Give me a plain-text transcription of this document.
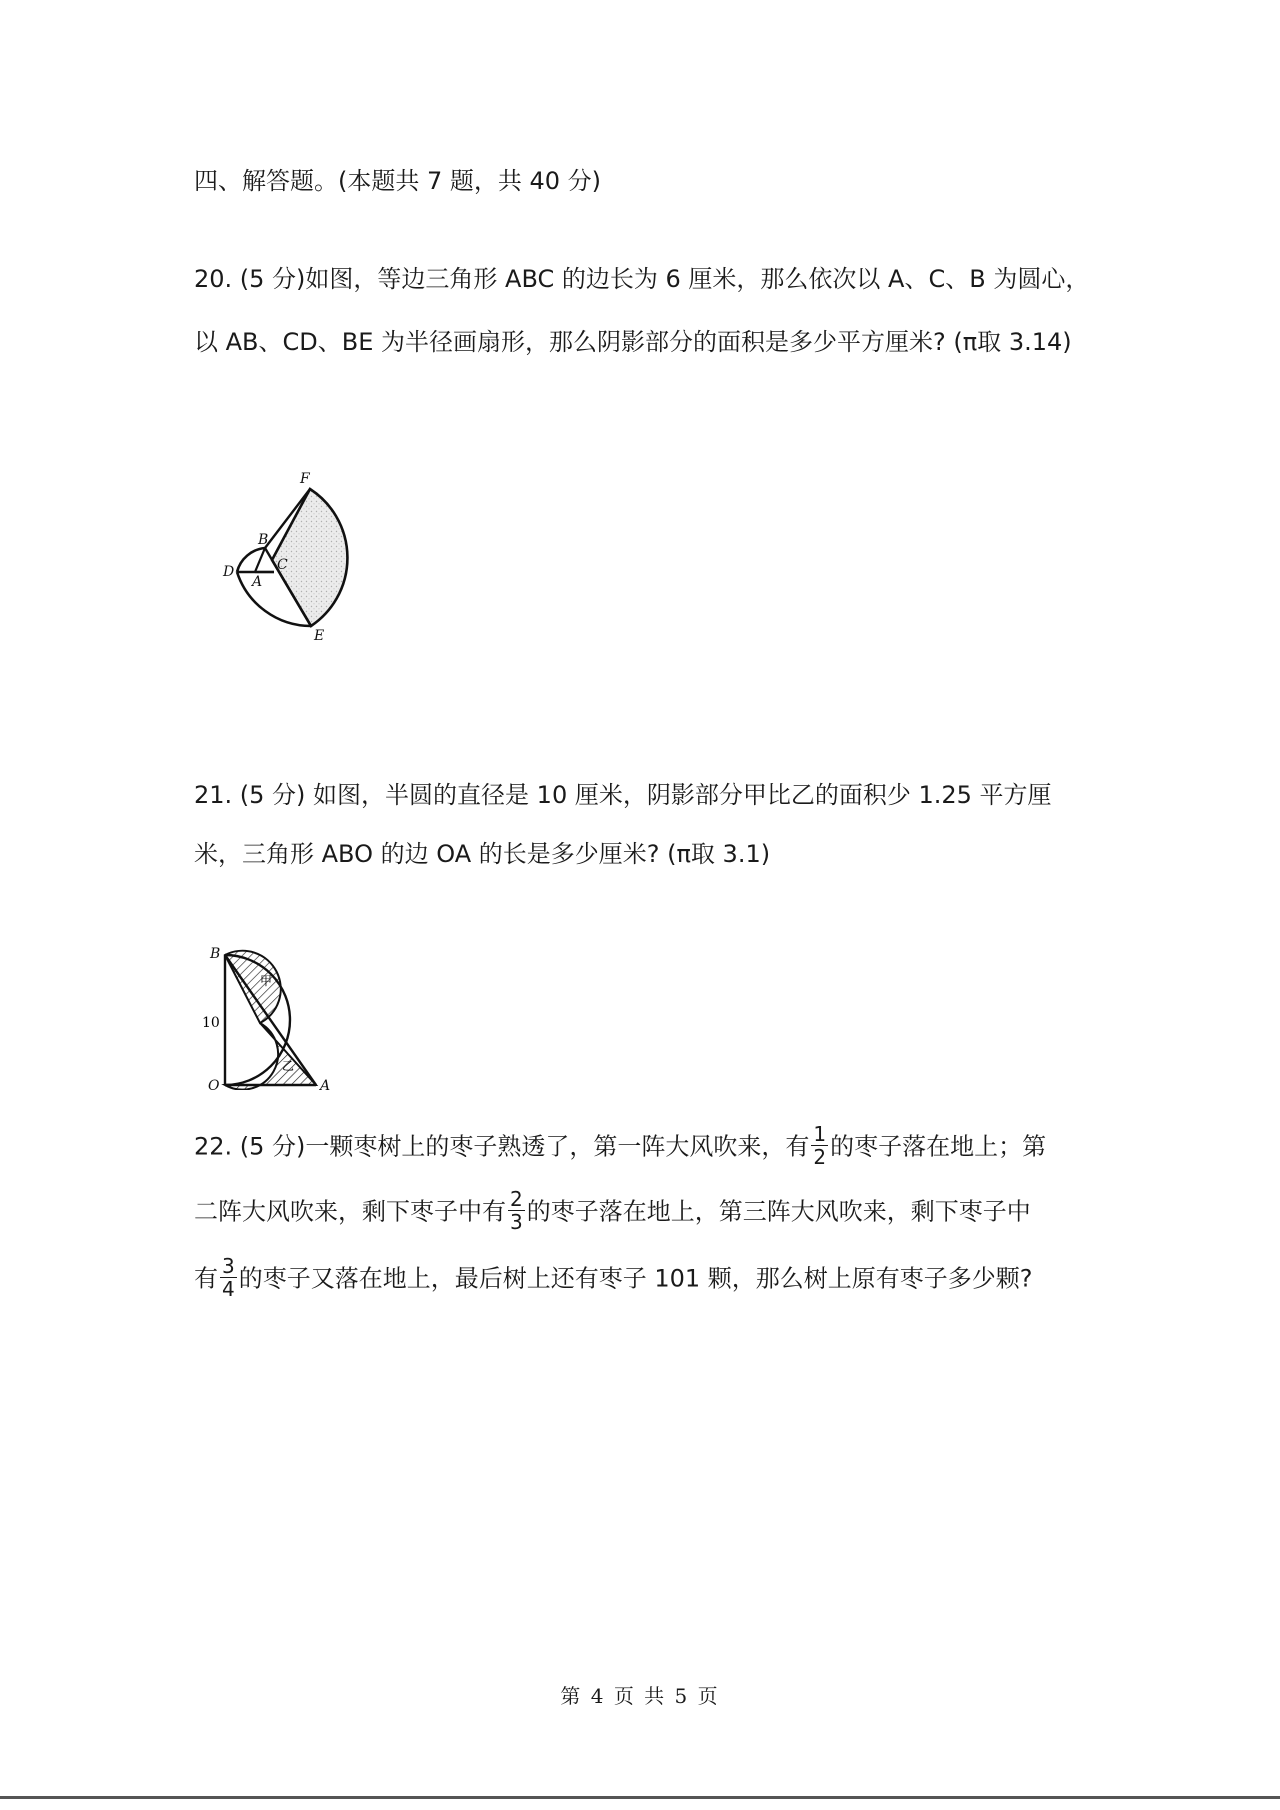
四、解答题。(本题共 7 题，共 40 分)
20. (5 分)如图，等边三角形 ABC 的边长为 6 厘米，那么依次以 A、C、B 为圆心，
以 AB、CD、BE 为半径画扇形，那么阴影部分的面积是多少平方厘米? (π取 3.14)
F
B
C
D
A
E
21. (5 分) 如图，半圆的直径是 10 厘米，阴影部分甲比乙的面积少 1.25 平方厘
米，三角形 ABO 的边 OA 的长是多少厘米? (π取 3.1)
B
O	A
10
甲
乙
22. (5 分)一颗枣树上的枣子熟透了，第一阵大风吹来，有 $\frac{1}{2}$ 的枣子落在地上；第
二阵大风吹来，剩下枣子中有 $\frac{2}{3}$ 的枣子落在地上，第三阵大风吹来，剩下枣子中
有 $\frac{3}{4}$ 的枣子又落在地上，最后树上还有枣子 101 颗，那么树上原有枣子多少颗?
第 4 页 共 5 页
